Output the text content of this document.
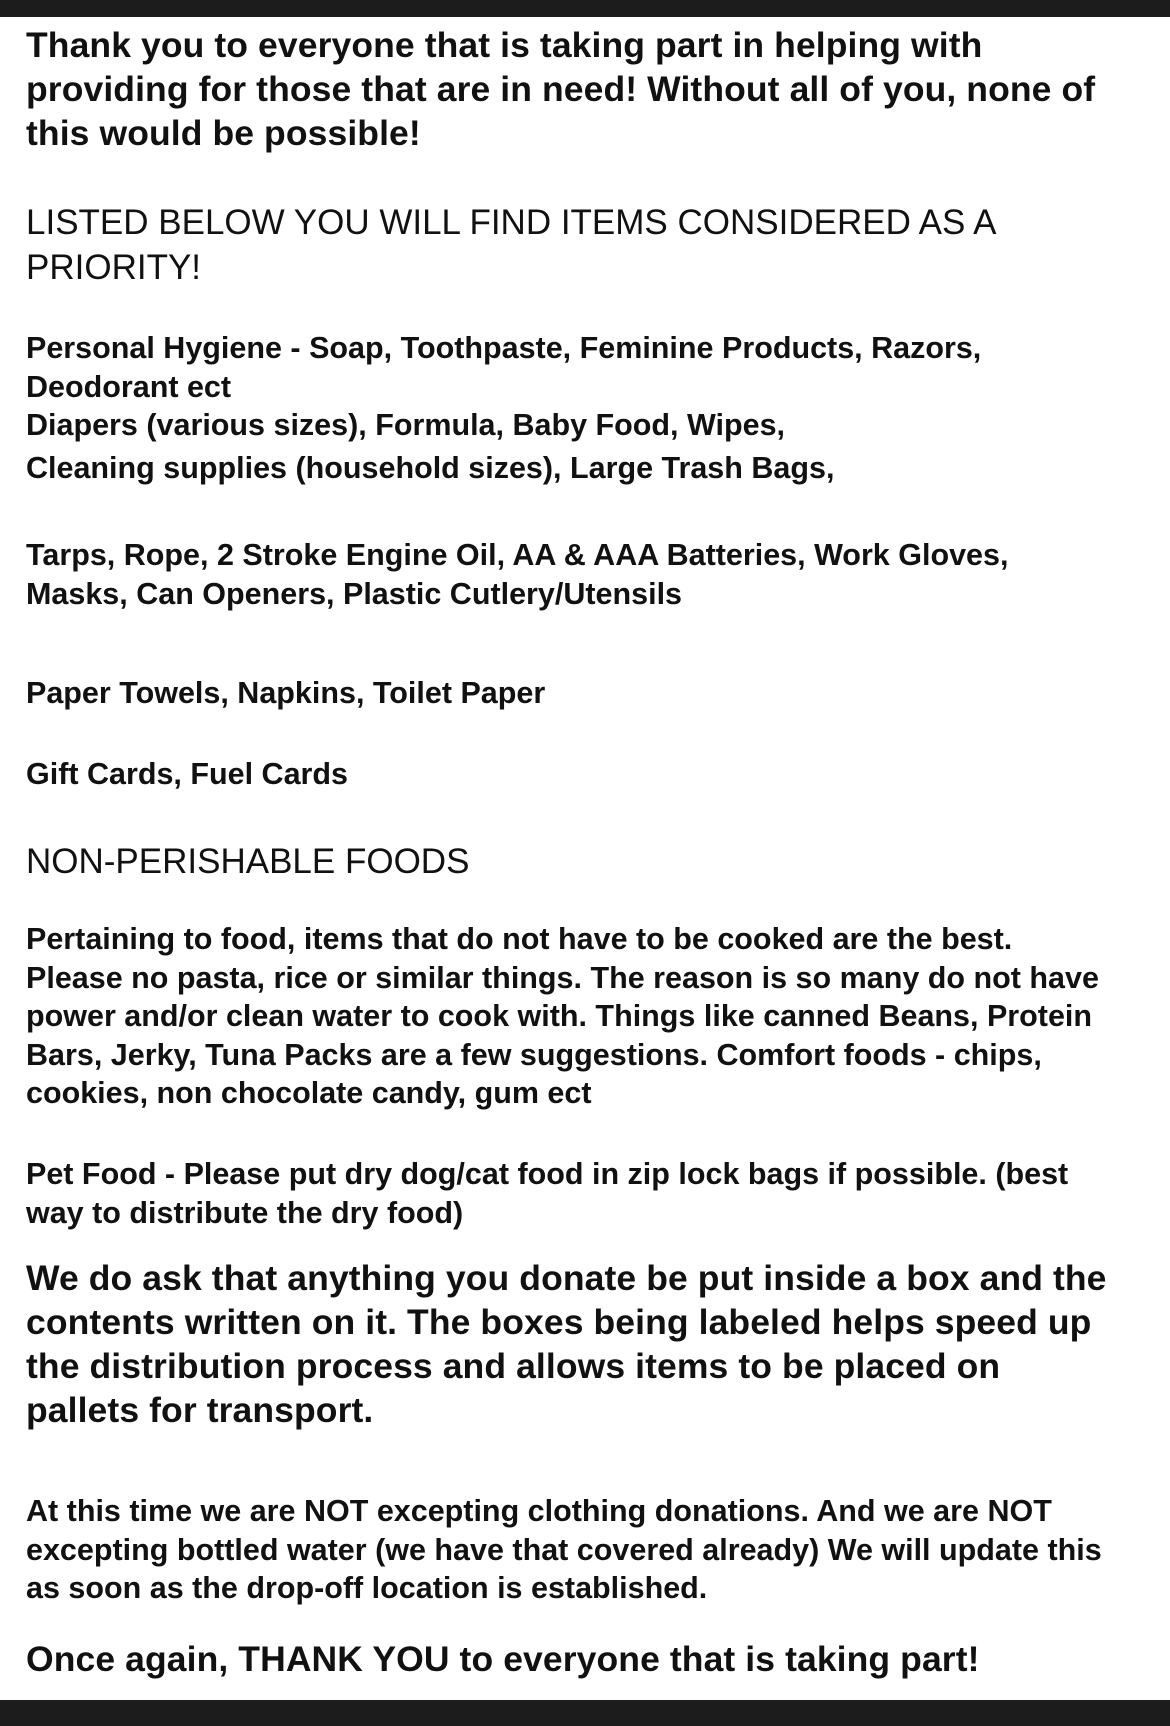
Thank you to everyone that is taking part in helping with
providing for those that are in need! Without all of you, none of
this would be possible!
LISTED BELOW YOU WILL FIND ITEMS CONSIDERED AS A
PRIORITY!
Personal Hygiene - Soap, Toothpaste, Feminine Products, Razors,
Deodorant ect
Diapers (various sizes), Formula, Baby Food, Wipes,
Cleaning supplies (household sizes), Large Trash Bags,
Tarps, Rope, 2 Stroke Engine Oil, AA & AAA Batteries, Work Gloves,
Masks, Can Openers, Plastic Cutlery/Utensils
Paper Towels, Napkins, Toilet Paper
Gift Cards, Fuel Cards
NON-PERISHABLE FOODS
Pertaining to food, items that do not have to be cooked are the best.
Please no pasta, rice or similar things. The reason is so many do not have
power and/or clean water to cook with. Things like canned Beans, Protein
Bars, Jerky, Tuna Packs are a few suggestions. Comfort foods - chips,
cookies, non chocolate candy, gum ect
Pet Food - Please put dry dog/cat food in zip lock bags if possible. (best
way to distribute the dry food)
We do ask that anything you donate be put inside a box and the
contents written on it. The boxes being labeled helps speed up
the distribution process and allows items to be placed on
pallets for transport.
At this time we are NOT excepting clothing donations. And we are NOT
excepting bottled water (we have that covered already) We will update this
as soon as the drop-off location is established.
Once again, THANK YOU to everyone that is taking part!
